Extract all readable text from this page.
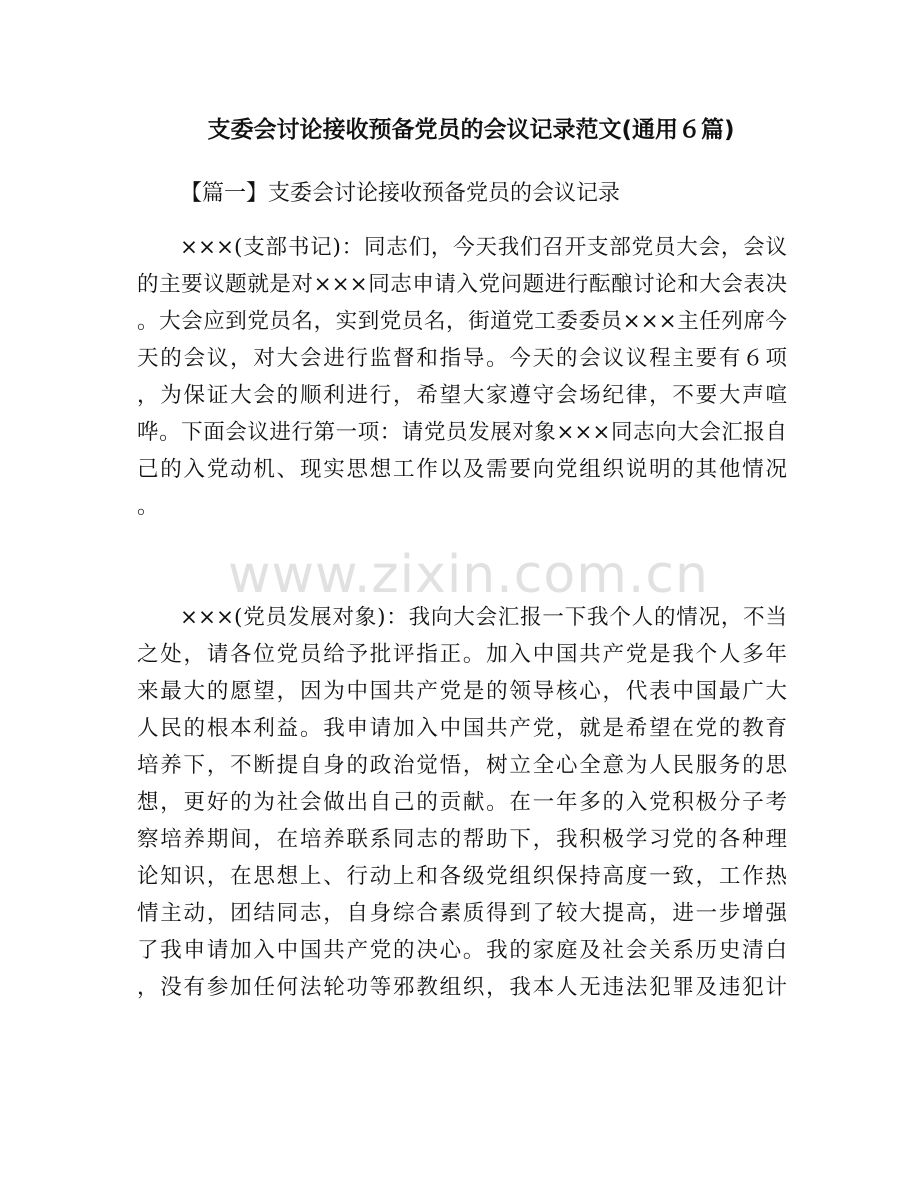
www.zixin.com.cn
支委会讨论接收预备党员的会议记录范文(通用６篇)
【篇一】支委会讨论接收预备党员的会议记录
×××(支部书记)：同志们，今天我们召开支部党员大会，会议
的主要议题就是对×××同志申请入党问题进行酝酿讨论和大会表决
。大会应到党员名，实到党员名，街道党工委委员×××主任列席今
天的会议，对大会进行监督和指导。今天的会议议程主要有６项
，为保证大会的顺利进行，希望大家遵守会场纪律，不要大声喧
哗。下面会议进行第一项：请党员发展对象×××同志向大会汇报自
己的入党动机、现实思想工作以及需要向党组织说明的其他情况
。
×××(党员发展对象)：我向大会汇报一下我个人的情况，不当
之处，请各位党员给予批评指正。加入中国共产党是我个人多年
来最大的愿望，因为中国共产党是的领导核心，代表中国最广大
人民的根本利益。我申请加入中国共产党，就是希望在党的教育
培养下，不断提自身的政治觉悟，树立全心全意为人民服务的思
想，更好的为社会做出自己的贡献。在一年多的入党积极分子考
察培养期间，在培养联系同志的帮助下，我积极学习党的各种理
论知识，在思想上、行动上和各级党组织保持高度一致，工作热
情主动，团结同志，自身综合素质得到了较大提高，进一步增强
了我申请加入中国共产党的决心。我的家庭及社会关系历史清白
，没有参加任何法轮功等邪教组织，我本人无违法犯罪及违犯计
